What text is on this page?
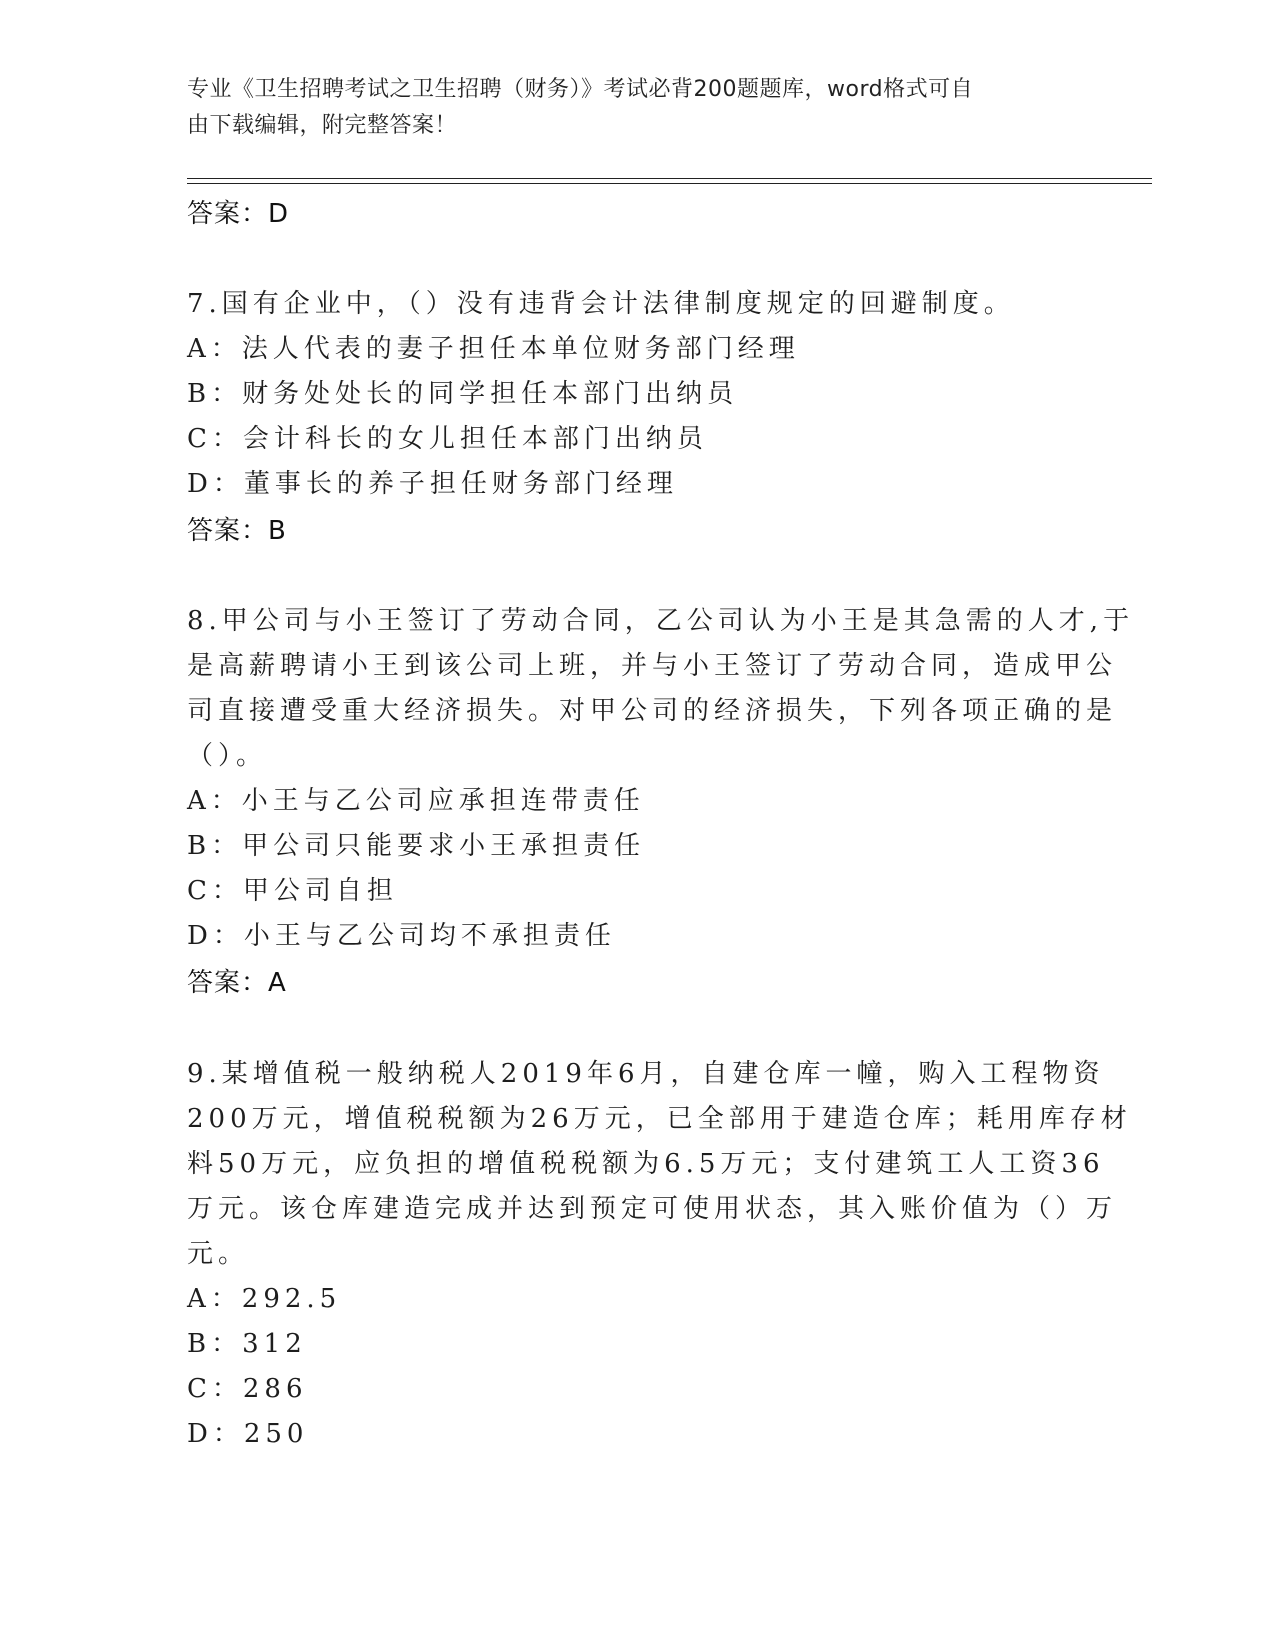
专业《卫生招聘考试之卫生招聘（财务）》考试必背200题题库，word格式可自
由下载编辑，附完整答案！
答案：D
7.国有企业中，（）没有违背会计法律制度规定的回避制度。
A：法人代表的妻子担任本单位财务部门经理
B：财务处处长的同学担任本部门出纳员
C：会计科长的女儿担任本部门出纳员
D：董事长的养子担任财务部门经理
答案：B
8.甲公司与小王签订了劳动合同，乙公司认为小王是其急需的人才,于
是高薪聘请小王到该公司上班，并与小王签订了劳动合同，造成甲公
司直接遭受重大经济损失。对甲公司的经济损失，下列各项正确的是
（）。
A：小王与乙公司应承担连带责任
B：甲公司只能要求小王承担责任
C：甲公司自担
D：小王与乙公司均不承担责任
答案：A
9.某增值税一般纳税人2019年6月，自建仓库一幢，购入工程物资
200万元，增值税税额为26万元，已全部用于建造仓库；耗用库存材
料50万元，应负担的增值税税额为6.5万元；支付建筑工人工资36
万元。该仓库建造完成并达到预定可使用状态，其入账价值为（）万
元。
A：292.5
B：312
C：286
D：250
